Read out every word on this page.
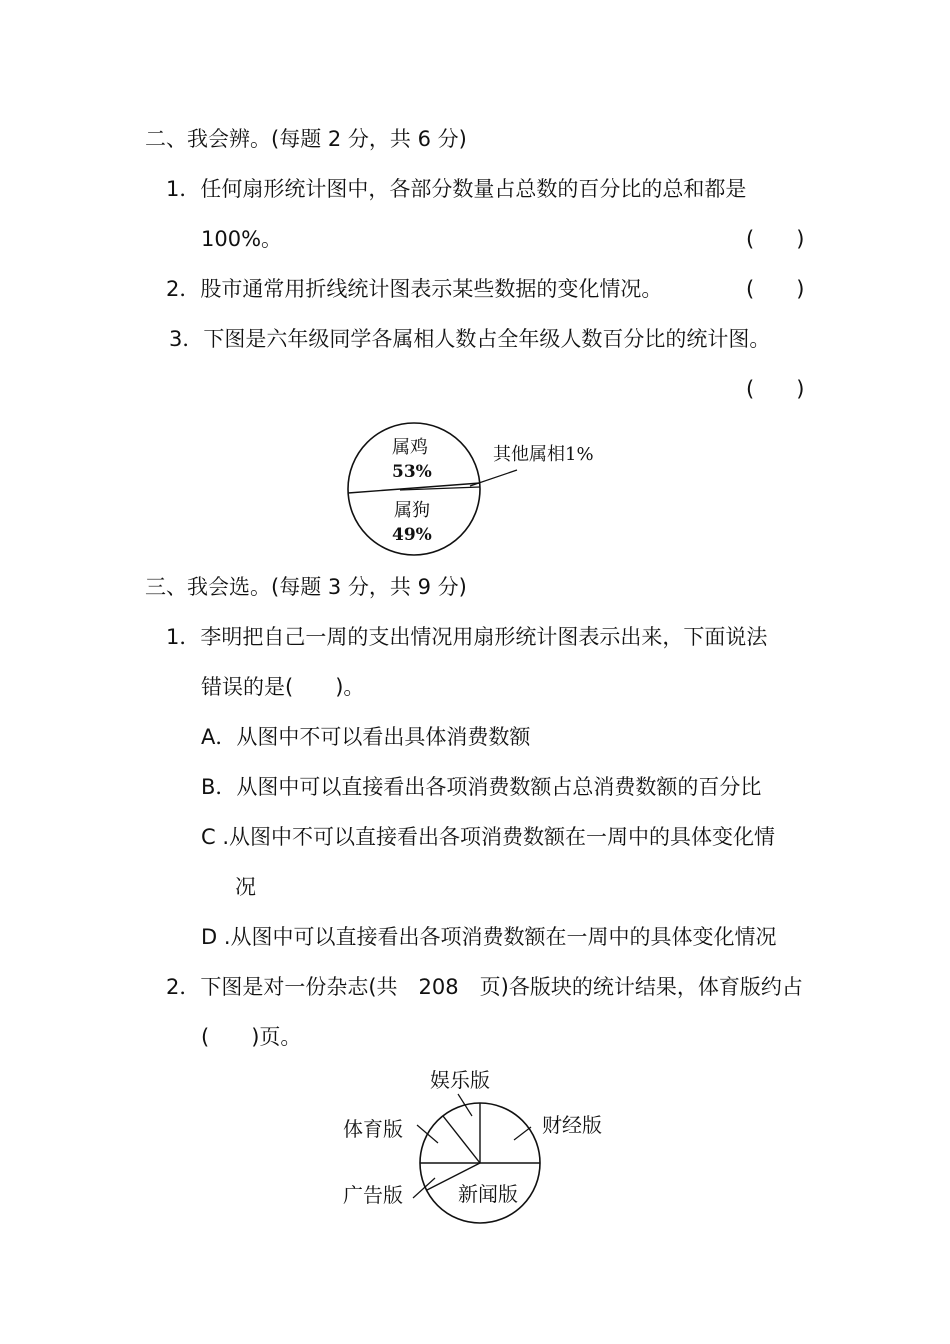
二、我会辨。(每题 2 分，共 6 分)
1．任何扇形统计图中，各部分数量占总数的百分比的总和都是
100%。	(　　)
2．股市通常用折线统计图表示某些数据的变化情况。	(　　)
3．下图是六年级同学各属相人数占全年级人数百分比的统计图。
(　　)
属鸡
53%
属狗
49%
其他属相1%
三、我会选。(每题 3 分，共 9 分)
1．李明把自己一周的支出情况用扇形统计图表示出来，下面说法
错误的是(　　)。
A．从图中不可以看出具体消费数额
B．从图中可以直接看出各项消费数额占总消费数额的百分比
C .从图中不可以直接看出各项消费数额在一周中的具体变化情
况
D .从图中可以直接看出各项消费数额在一周中的具体变化情况
2．下图是对一份杂志(共　208　页)各版块的统计结果，体育版约占
(　　)页。
娱乐版
财经版
体育版
广告版	新闻版
